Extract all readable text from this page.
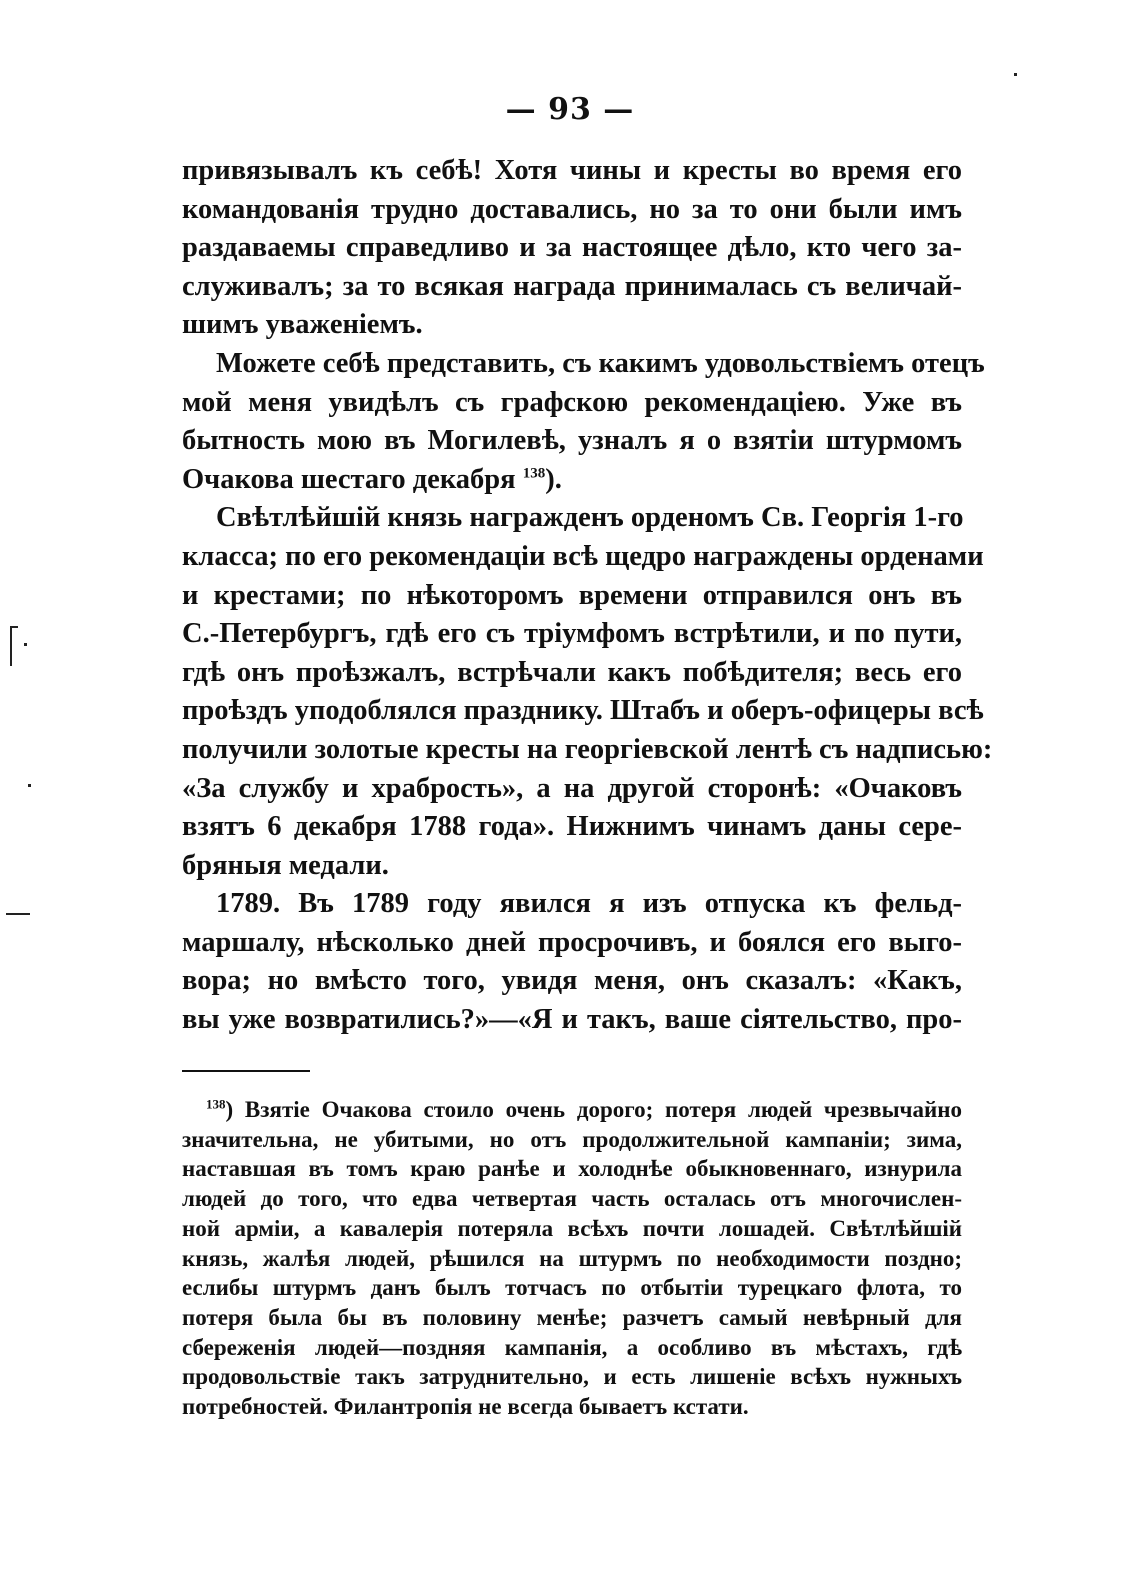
— 93 —
привязывалъ къ себѣ! Хотя чины и кресты во время его
командованія трудно доставались, но за то они были имъ
раздаваемы справедливо и за настоящее дѣло, кто чего за-
служивалъ; за то всякая награда принималась съ величай-
шимъ уваженіемъ.
Можете себѣ представить, съ какимъ удовольствіемъ отецъ
мой меня увидѣлъ съ графскою рекомендаціею. Уже въ
бытность мою въ Могилевѣ, узналъ я о взятіи штурмомъ
Очакова шестаго декабря $^{138}$).
Свѣтлѣйшій князь награжденъ орденомъ Св. Георгія 1-го
класса; по его рекомендаціи всѣ щедро награждены орденами
и крестами; по нѣкоторомъ времени отправился онъ въ
С.-Петербургъ, гдѣ его съ тріумфомъ встрѣтили, и по пути,
гдѣ онъ проѣзжалъ, встрѣчали какъ побѣдителя; весь его
проѣздъ уподоблялся празднику. Штабъ и оберъ-офицеры всѣ
получили золотые кресты на георгіевской лентѣ съ надписью:
«За службу и храбрость», а на другой сторонѣ: «Очаковъ
взятъ 6 декабря 1788 года». Нижнимъ чинамъ даны сере-
бряныя медали.
1789. Въ 1789 году явился я изъ отпуска къ фельд-
маршалу, нѣсколько дней просрочивъ, и боялся его выго-
вора; но вмѣсто того, увидя меня, онъ сказалъ: «Какъ,
вы уже возвратились?»—«Я и такъ, ваше сіятельство, про-
$^{138}$) Взятіе Очакова стоило очень дорого; потеря людей чрезвычайно
значительна, не убитыми, но отъ продолжительной кампаніи; зима,
наставшая въ томъ краю ранѣе и холоднѣе обыкновеннаго, изнурила
людей до того, что едва четвертая часть осталась отъ многочислен-
ной арміи, а кавалерія потеряла всѣхъ почти лошадей. Свѣтлѣйшій
князь, жалѣя людей, рѣшился на штурмъ по необходимости поздно;
еслибы штурмъ данъ былъ тотчасъ по отбытіи турецкаго флота, то
потеря была бы въ половину менѣе; разчетъ самый невѣрный для
сбереженія людей—поздняя кампанія, а особливо въ мѣстахъ, гдѣ
продовольствіе такъ затруднительно, и есть лишеніе всѣхъ нужныхъ
потребностей. Филантропія не всегда бываетъ кстати.
